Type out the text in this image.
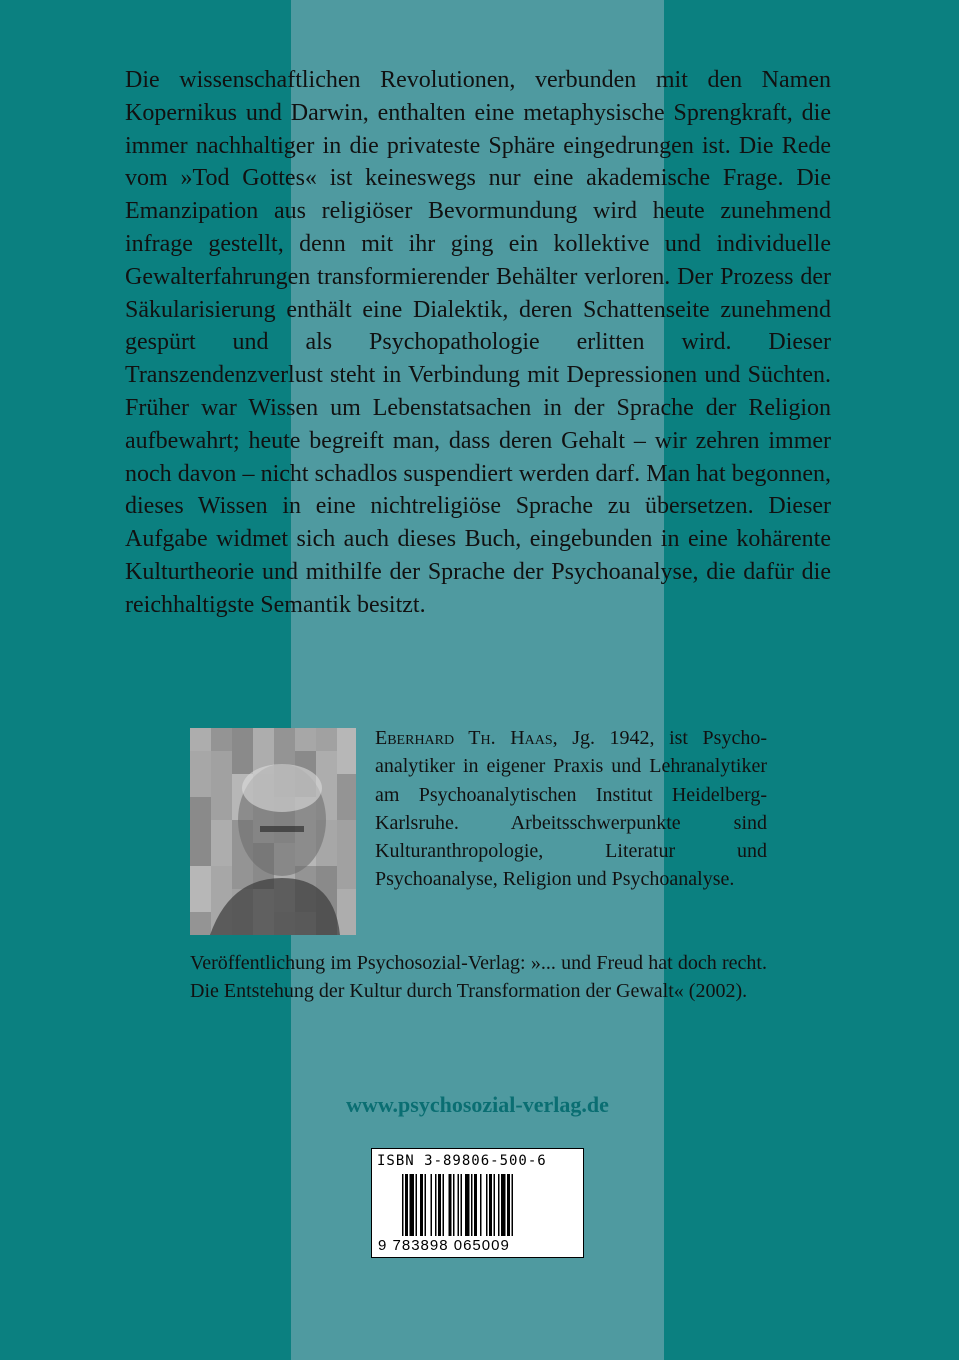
Die wissenschaftlichen Revolutionen, verbunden mit den Namen Kopernikus und Darwin, enthalten eine metaphysische Sprengkraft, die immer nachhaltiger in die privateste Sphäre eingedrungen ist. Die Rede vom »Tod Gottes« ist keineswegs nur eine akademische Frage. Die Emanzipation aus religiöser Bevormundung wird heute zunehmend infrage gestellt, denn mit ihr ging ein kollektive und individuelle Gewalterfahrungen transformierender Behälter verloren. Der Prozess der Säkularisierung enthält eine Dialektik, deren Schattenseite zunehmend gespürt und als Psychopathologie erlitten wird. Dieser Transzendenzverlust steht in Verbindung mit Depressionen und Süchten. Früher war Wissen um Lebenstatsachen in der Sprache der Religion aufbewahrt; heute begreift man, dass deren Gehalt – wir zehren immer noch davon – nicht schadlos suspendiert werden darf. Man hat begonnen, dieses Wissen in eine nichtreligiöse Sprache zu übersetzen. Dieser Aufgabe widmet sich auch dieses Buch, eingebunden in eine kohärente Kulturtheorie und mithilfe der Sprache der Psychoanalyse, die dafür die reichhaltigste Semantik besitzt.

Eberhard Th. Haas, Jg. 1942, ist Psychoanalytiker in eigener Praxis und Lehranalytiker am Psychoanalytischen Institut Heidelberg-Karlsruhe. Arbeitsschwerpunkte sind Kulturanthropologie, Literatur und Psychoanalyse, Religion und Psychoanalyse.

Veröffentlichung im Psychosozial-Verlag: »... und Freud hat doch recht. Die Entstehung der Kultur durch Transformation der Gewalt« (2002).

www.psychosozial-verlag.de
ISBN 3-89806-500-6
9 783898 065009
